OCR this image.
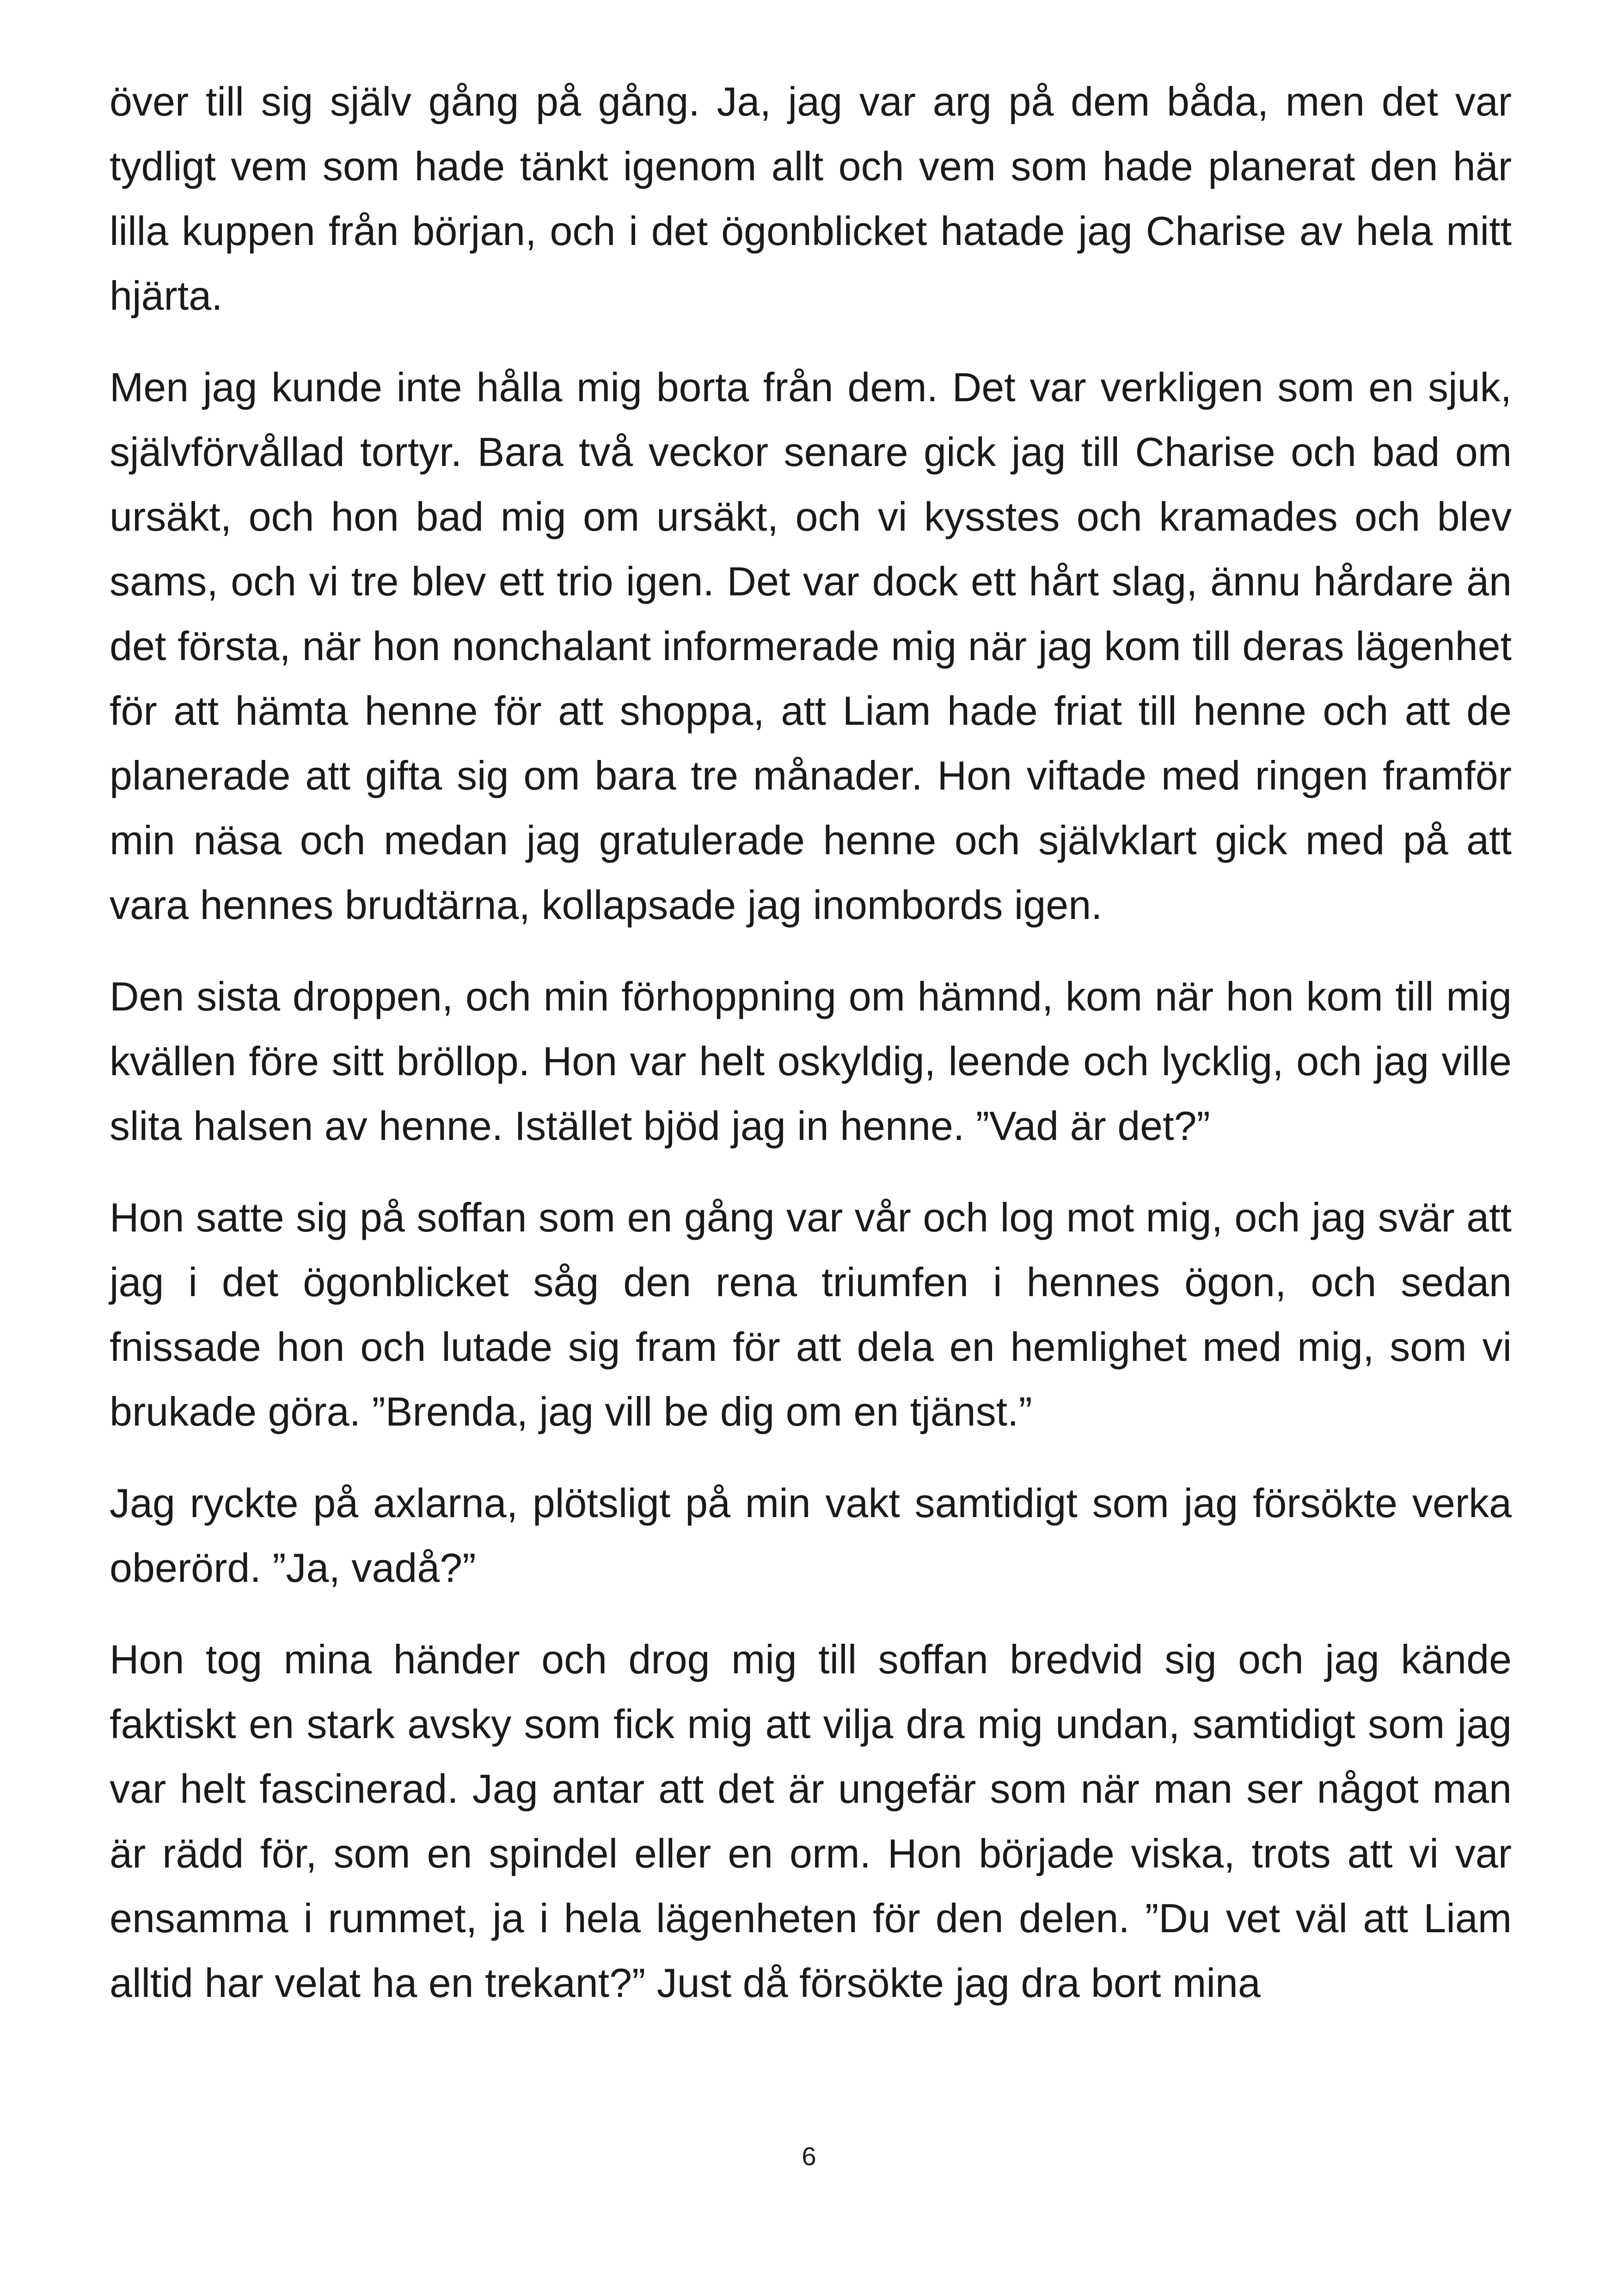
över till sig själv gång på gång. Ja, jag var arg på dem båda, men det var tydligt vem som hade tänkt igenom allt och vem som hade planerat den här lilla kuppen från början, och i det ögonblicket hatade jag Charise av hela mitt hjärta.

Men jag kunde inte hålla mig borta från dem. Det var verkligen som en sjuk, självförvållad tortyr. Bara två veckor senare gick jag till Charise och bad om ursäkt, och hon bad mig om ursäkt, och vi kysstes och kramades och blev sams, och vi tre blev ett trio igen. Det var dock ett hårt slag, ännu hårdare än det första, när hon nonchalant informerade mig när jag kom till deras lägenhet för att hämta henne för att shoppa, att Liam hade friat till henne och att de planerade att gifta sig om bara tre månader. Hon viftade med ringen framför min näsa och medan jag gratulerade henne och självklart gick med på att vara hennes brudtärna, kollapsade jag inombords igen.

Den sista droppen, och min förhoppning om hämnd, kom när hon kom till mig kvällen före sitt bröllop. Hon var helt oskyldig, leende och lycklig, och jag ville slita halsen av henne. Istället bjöd jag in henne. ”Vad är det?”

Hon satte sig på soffan som en gång var vår och log mot mig, och jag svär att jag i det ögonblicket såg den rena triumfen i hennes ögon, och sedan fnissade hon och lutade sig fram för att dela en hemlighet med mig, som vi brukade göra. ”Brenda, jag vill be dig om en tjänst.”

Jag ryckte på axlarna, plötsligt på min vakt samtidigt som jag försökte verka oberörd. ”Ja, vadå?”

Hon tog mina händer och drog mig till soffan bredvid sig och jag kände faktiskt en stark avsky som fick mig att vilja dra mig undan, samtidigt som jag var helt fascinerad. Jag antar att det är ungefär som när man ser något man är rädd för, som en spindel eller en orm. Hon började viska, trots att vi var ensamma i rummet, ja i hela lägenheten för den delen. ”Du vet väl att Liam alltid har velat ha en trekant?” Just då försökte jag dra bort mina

6
